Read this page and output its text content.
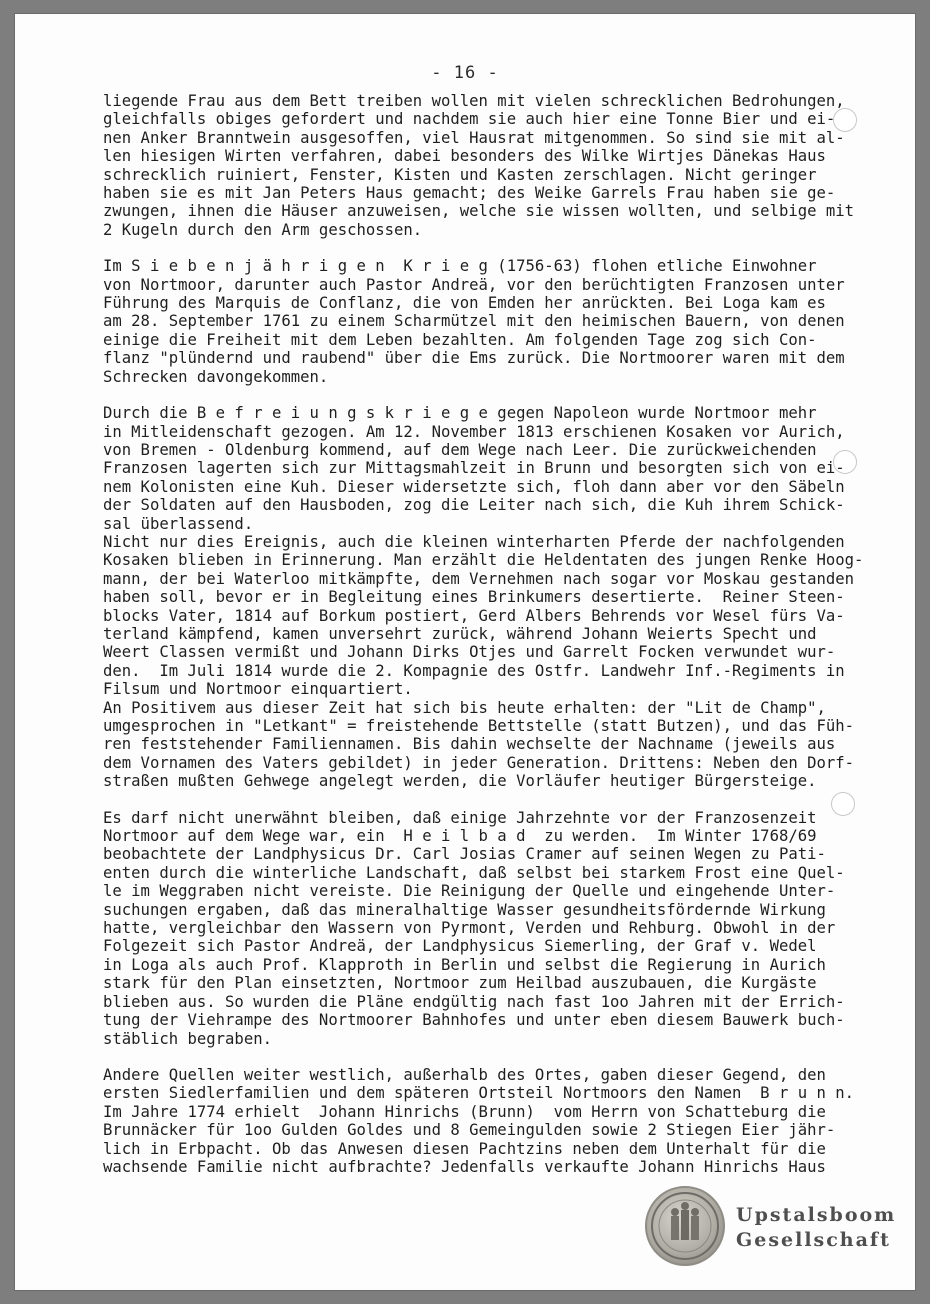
- 16 -
liegende Frau aus dem Bett treiben wollen mit vielen schrecklichen Bedrohungen,
gleichfalls obiges gefordert und nachdem sie auch hier eine Tonne Bier und ei-
nen Anker Branntwein ausgesoffen, viel Hausrat mitgenommen. So sind sie mit al-
len hiesigen Wirten verfahren, dabei besonders des Wilke Wirtjes Dänekas Haus
schrecklich ruiniert, Fenster, Kisten und Kasten zerschlagen. Nicht geringer
haben sie es mit Jan Peters Haus gemacht; des Weike Garrels Frau haben sie ge-
zwungen, ihnen die Häuser anzuweisen, welche sie wissen wollten, und selbige mit
2 Kugeln durch den Arm geschossen.
Im S i e b e n j ä h r i g e n  K r i e g (1756-63) flohen etliche Einwohner
von Nortmoor, darunter auch Pastor Andreä, vor den berüchtigten Franzosen unter
Führung des Marquis de Conflanz, die von Emden her anrückten. Bei Loga kam es
am 28. September 1761 zu einem Scharmützel mit den heimischen Bauern, von denen
einige die Freiheit mit dem Leben bezahlten. Am folgenden Tage zog sich Con-
flanz "plündernd und raubend" über die Ems zurück. Die Nortmoorer waren mit dem
Schrecken davongekommen.
Durch die B e f r e i u n g s k r i e g e gegen Napoleon wurde Nortmoor mehr
in Mitleidenschaft gezogen. Am 12. November 1813 erschienen Kosaken vor Aurich,
von Bremen - Oldenburg kommend, auf dem Wege nach Leer. Die zurückweichenden
Franzosen lagerten sich zur Mittagsmahlzeit in Brunn und besorgten sich von ei-
nem Kolonisten eine Kuh. Dieser widersetzte sich, floh dann aber vor den Säbeln
der Soldaten auf den Hausboden, zog die Leiter nach sich, die Kuh ihrem Schick-
sal überlassend.
Nicht nur dies Ereignis, auch die kleinen winterharten Pferde der nachfolgenden
Kosaken blieben in Erinnerung. Man erzählt die Heldentaten des jungen Renke Hoog-
mann, der bei Waterloo mitkämpfte, dem Vernehmen nach sogar vor Moskau gestanden
haben soll, bevor er in Begleitung eines Brinkumers desertierte.  Reiner Steen-
blocks Vater, 1814 auf Borkum postiert, Gerd Albers Behrends vor Wesel fürs Va-
terland kämpfend, kamen unversehrt zurück, während Johann Weierts Specht und
Weert Classen vermißt und Johann Dirks Otjes und Garrelt Focken verwundet wur-
den.  Im Juli 1814 wurde die 2. Kompagnie des Ostfr. Landwehr Inf.-Regiments in
Filsum und Nortmoor einquartiert.
An Positivem aus dieser Zeit hat sich bis heute erhalten: der "Lit de Champ",
umgesprochen in "Letkant" = freistehende Bettstelle (statt Butzen), und das Füh-
ren feststehender Familiennamen. Bis dahin wechselte der Nachname (jeweils aus
dem Vornamen des Vaters gebildet) in jeder Generation. Drittens: Neben den Dorf-
straßen mußten Gehwege angelegt werden, die Vorläufer heutiger Bürgersteige.
Es darf nicht unerwähnt bleiben, daß einige Jahrzehnte vor der Franzosenzeit
Nortmoor auf dem Wege war, ein  H e i l b a d  zu werden.  Im Winter 1768/69
beobachtete der Landphysicus Dr. Carl Josias Cramer auf seinen Wegen zu Pati-
enten durch die winterliche Landschaft, daß selbst bei starkem Frost eine Quel-
le im Weggraben nicht vereiste. Die Reinigung der Quelle und eingehende Unter-
suchungen ergaben, daß das mineralhaltige Wasser gesundheitsfördernde Wirkung
hatte, vergleichbar den Wassern von Pyrmont, Verden und Rehburg. Obwohl in der
Folgezeit sich Pastor Andreä, der Landphysicus Siemerling, der Graf v. Wedel
in Loga als auch Prof. Klapproth in Berlin und selbst die Regierung in Aurich
stark für den Plan einsetzten, Nortmoor zum Heilbad auszubauen, die Kurgäste
blieben aus. So wurden die Pläne endgültig nach fast 1oo Jahren mit der Errich-
tung der Viehrampe des Nortmoorer Bahnhofes und unter eben diesem Bauwerk buch-
stäblich begraben.
Andere Quellen weiter westlich, außerhalb des Ortes, gaben dieser Gegend, den
ersten Siedlerfamilien und dem späteren Ortsteil Nortmoors den Namen  B r u n n.
Im Jahre 1774 erhielt  Johann Hinrichs (Brunn)  vom Herrn von Schatteburg die
Brunnäcker für 1oo Gulden Goldes und 8 Gemeingulden sowie 2 Stiegen Eier jähr-
lich in Erbpacht. Ob das Anwesen diesen Pachtzins neben dem Unterhalt für die
wachsende Familie nicht aufbrachte? Jedenfalls verkaufte Johann Hinrichs Haus
Upstalsboom
Gesellschaft
